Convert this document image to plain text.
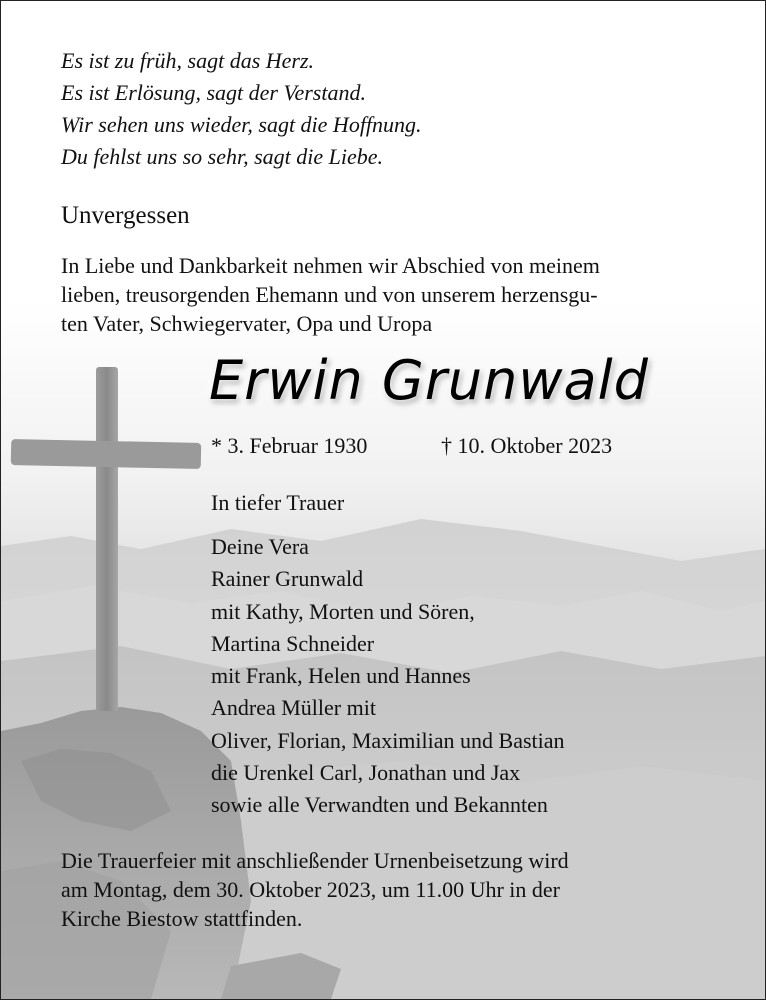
Es ist zu früh, sagt das Herz.
Es ist Erlösung, sagt der Verstand.
Wir sehen uns wieder, sagt die Hoffnung.
Du fehlst uns so sehr, sagt die Liebe.
Unvergessen
In Liebe und Dankbarkeit nehmen wir Abschied von meinem
lieben, treusorgenden Ehemann und von unserem herzensgu-
ten Vater, Schwiegervater, Opa und Uropa
Erwin Grunwald
* 3. Februar 1930	† 10. Oktober 2023
In tiefer Trauer
Deine Vera
Rainer Grunwald
mit Kathy, Morten und Sören,
Martina Schneider
mit Frank, Helen und Hannes
Andrea Müller mit
Oliver, Florian, Maximilian und Bastian
die Urenkel Carl, Jonathan und Jax
sowie alle Verwandten und Bekannten
Die Trauerfeier mit anschließender Urnenbeisetzung wird
am Montag, dem 30. Oktober 2023, um 11.00 Uhr in der
Kirche Biestow stattfinden.
